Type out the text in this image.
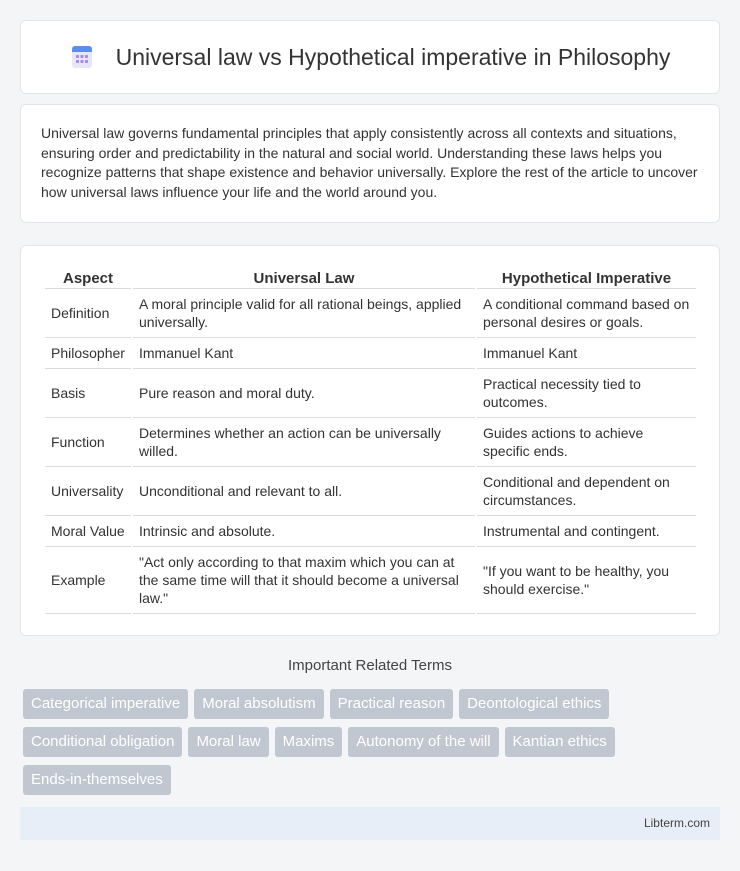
Universal law vs Hypothetical imperative in Philosophy

Universal law governs fundamental principles that apply consistently across all contexts and situations, ensuring order and predictability in the natural and social world. Understanding these laws helps you recognize patterns that shape existence and behavior universally. Explore the rest of the article to uncover how universal laws influence your life and the world around you.

Aspect	Universal Law	Hypothetical Imperative
Definition	A moral principle valid for all rational beings, applied universally.	A conditional command based on personal desires or goals.
Philosopher	Immanuel Kant	Immanuel Kant
Basis	Pure reason and moral duty.	Practical necessity tied to outcomes.
Function	Determines whether an action can be universally willed.	Guides actions to achieve specific ends.
Universality	Unconditional and relevant to all.	Conditional and dependent on circumstances.
Moral Value	Intrinsic and absolute.	Instrumental and contingent.
Example	"Act only according to that maxim which you can at the same time will that it should become a universal law."	"If you want to be healthy, you should exercise."
Important Related Terms
Categorical imperative	Moral absolutism	Practical reason	Deontological ethics
Conditional obligation	Moral law	Maxims	Autonomy of the will	Kantian ethics
Ends-in-themselves
Libterm.com
